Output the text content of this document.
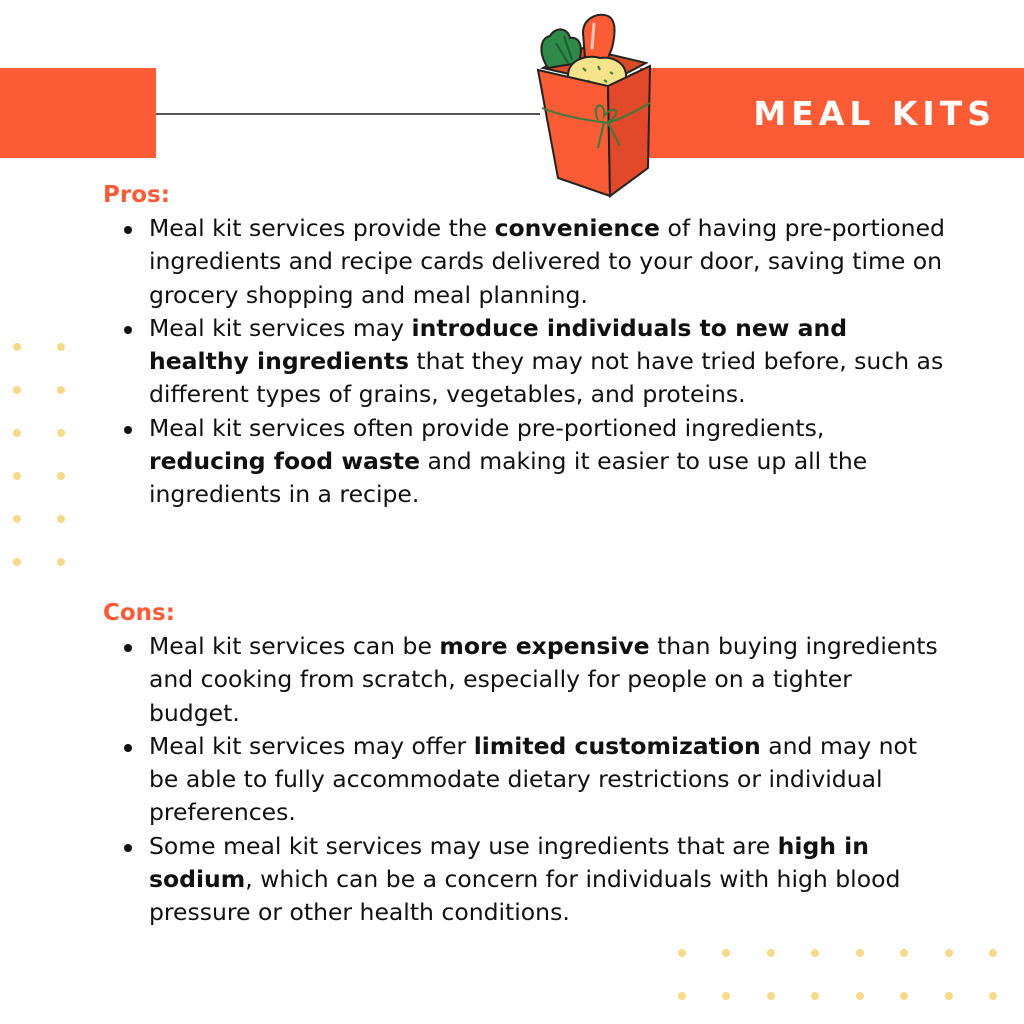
MEAL KITS
Pros:
Meal kit services provide the convenience of having pre-portioned ingredients and recipe cards delivered to your door, saving time on grocery shopping and meal planning.
Meal kit services may introduce individuals to new and healthy ingredients that they may not have tried before, such as different types of grains, vegetables, and proteins.
Meal kit services often provide pre-portioned ingredients, reducing food waste and making it easier to use up all the ingredients in a recipe.
Cons:
Meal kit services can be more expensive than buying ingredients and cooking from scratch, especially for people on a tighter budget.
Meal kit services may offer limited customization and may not be able to fully accommodate dietary restrictions or individual preferences.
Some meal kit services may use ingredients that are high in sodium, which can be a concern for individuals with high blood pressure or other health conditions.
